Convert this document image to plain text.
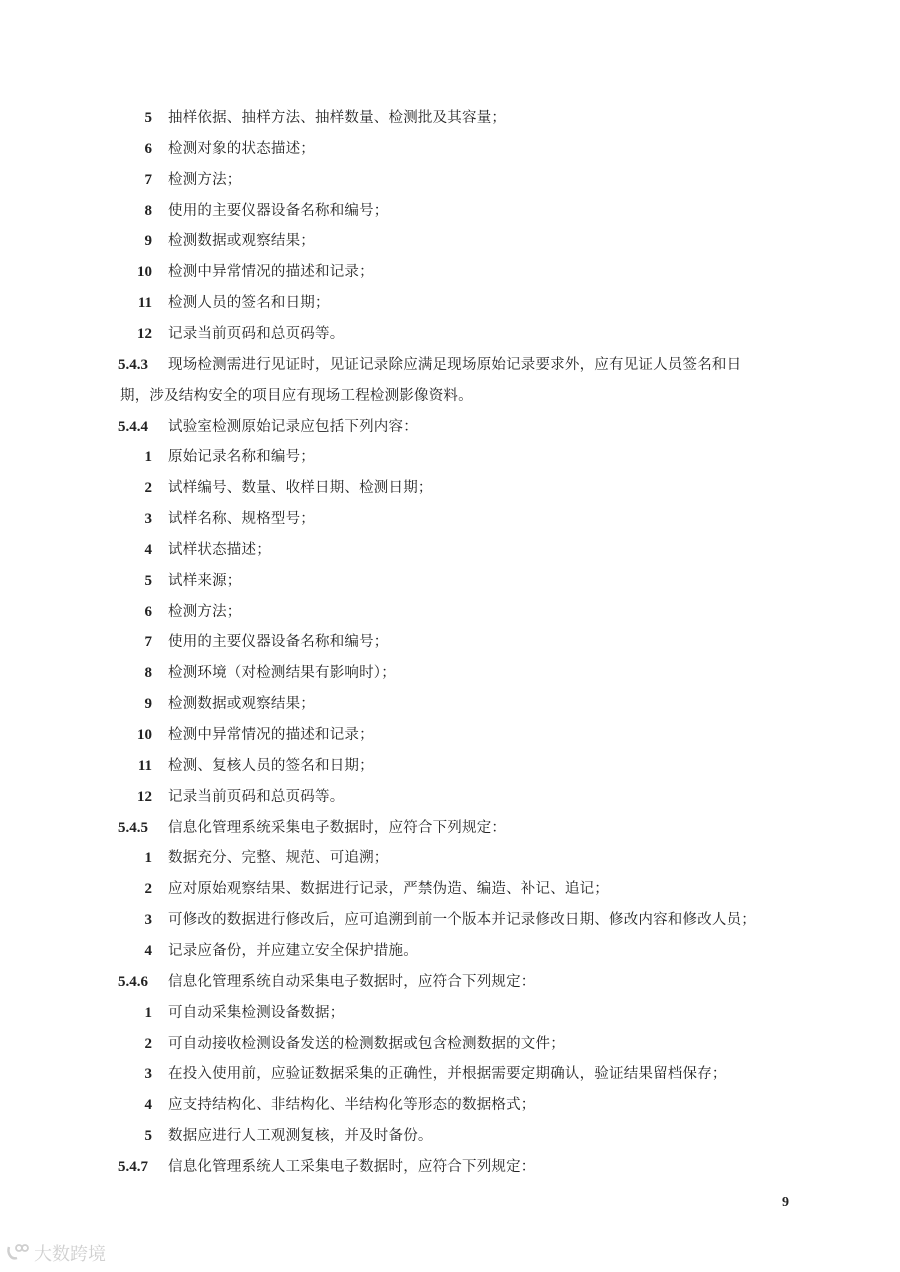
5 抽样依据、抽样方法、抽样数量、检测批及其容量；
6 检测对象的状态描述；
7 检测方法；
8 使用的主要仪器设备名称和编号；
9 检测数据或观察结果；
10 检测中异常情况的描述和记录；
11 检测人员的签名和日期；
12 记录当前页码和总页码等。
5.4.3	现场检测需进行见证时，见证记录除应满足现场原始记录要求外，应有见证人员签名和日
期，涉及结构安全的项目应有现场工程检测影像资料。
5.4.4	试验室检测原始记录应包括下列内容：
1 原始记录名称和编号；
2 试样编号、数量、收样日期、检测日期；
3 试样名称、规格型号；
4 试样状态描述；
5 试样来源；
6 检测方法；
7 使用的主要仪器设备名称和编号；
8 检测环境（对检测结果有影响时）；
9 检测数据或观察结果；
10 检测中异常情况的描述和记录；
11 检测、复核人员的签名和日期；
12 记录当前页码和总页码等。
5.4.5	信息化管理系统采集电子数据时，应符合下列规定：
1 数据充分、完整、规范、可追溯；
2 应对原始观察结果、数据进行记录，严禁伪造、编造、补记、追记；
3 可修改的数据进行修改后，应可追溯到前一个版本并记录修改日期、修改内容和修改人员；
4 记录应备份，并应建立安全保护措施。
5.4.6	信息化管理系统自动采集电子数据时，应符合下列规定：
1 可自动采集检测设备数据；
2 可自动接收检测设备发送的检测数据或包含检测数据的文件；
3 在投入使用前，应验证数据采集的正确性，并根据需要定期确认，验证结果留档保存；
4 应支持结构化、非结构化、半结构化等形态的数据格式；
5 数据应进行人工观测复核，并及时备份。
5.4.7	信息化管理系统人工采集电子数据时，应符合下列规定：
9
大数跨境
